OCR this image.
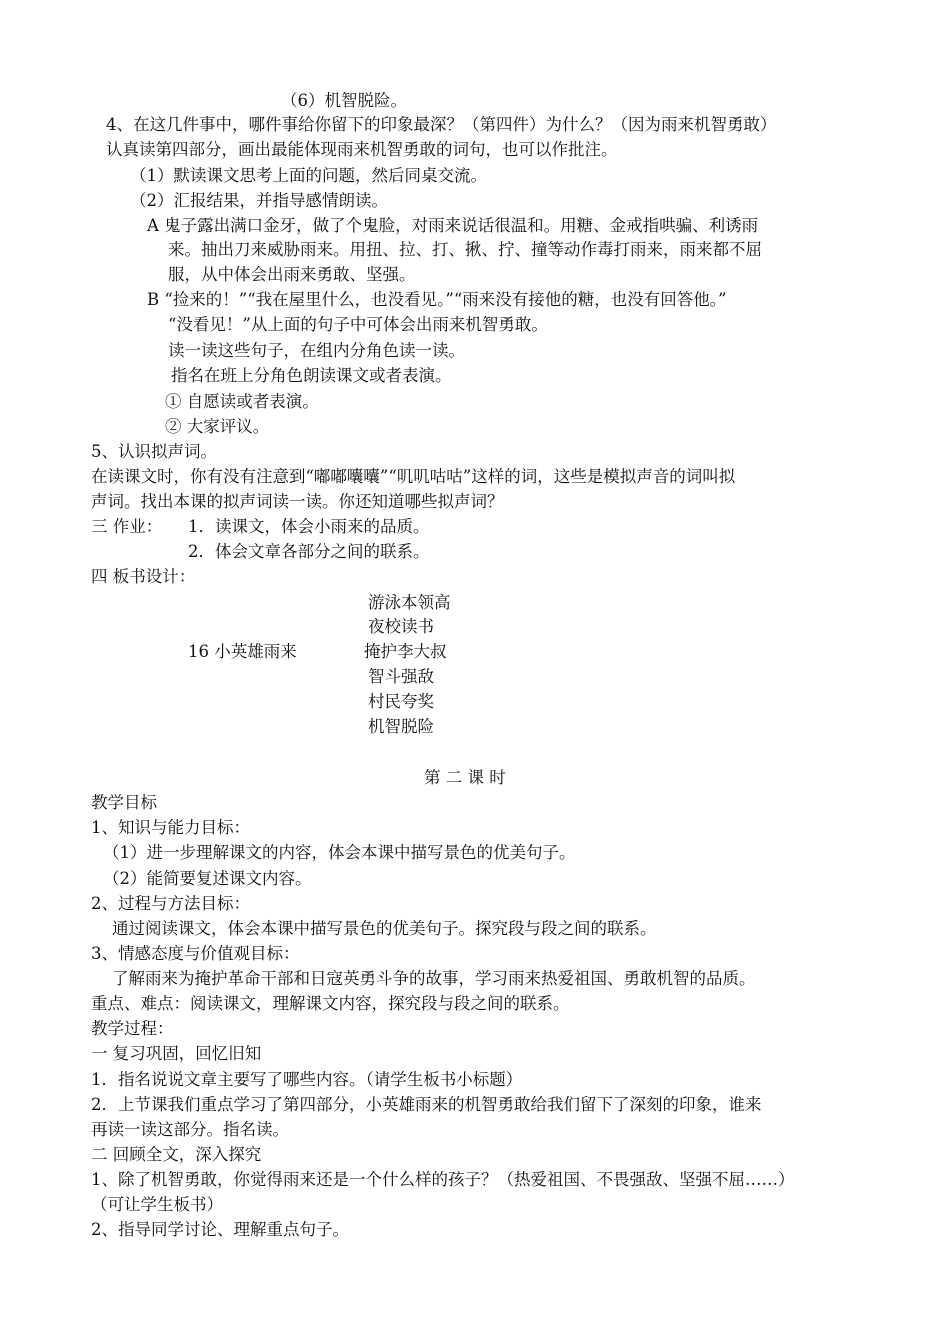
（6）机智脱险。
4、在这几件事中，哪件事给你留下的印象最深？（第四件）为什么？（因为雨来机智勇敢）
认真读第四部分，画出最能体现雨来机智勇敢的词句，也可以作批注。
（1）默读课文思考上面的问题，然后同桌交流。
（2）汇报结果，并指导感情朗读。
A 鬼子露出满口金牙，做了个鬼脸，对雨来说话很温和。用糖、金戒指哄骗、利诱雨
来。抽出刀来威胁雨来。用扭、拉、打、揪、拧、撞等动作毒打雨来，雨来都不屈
服，从中体会出雨来勇敢、坚强。
B “捡来的！”“我在屋里什么，也没看见。”“雨来没有接他的糖，也没有回答他。”
“没看见！”从上面的句子中可体会出雨来机智勇敢。
读一读这些句子，在组内分角色读一读。
指名在班上分角色朗读课文或者表演。
① 自愿读或者表演。
② 大家评议。
5、认识拟声词。
在读课文时，你有没有注意到“嘟嘟囔囔”“叽叽咕咕”这样的词，这些是模拟声音的词叫拟
声词。找出本课的拟声词读一读。你还知道哪些拟声词？
三 作业： 1．读课文，体会小雨来的品质。
2．体会文章各部分之间的联系。
四 板书设计：
游泳本领高
夜校读书
16 小英雄雨来	掩护李大叔
智斗强敌
村民夸奖
机智脱险
第 二 课 时
教学目标
1、知识与能力目标：
（1）进一步理解课文的内容，体会本课中描写景色的优美句子。
（2）能简要复述课文内容。
2、过程与方法目标：
通过阅读课文，体会本课中描写景色的优美句子。探究段与段之间的联系。
3、情感态度与价值观目标：
了解雨来为掩护革命干部和日寇英勇斗争的故事，学习雨来热爱祖国、勇敢机智的品质。
重点、难点：阅读课文，理解课文内容，探究段与段之间的联系。
教学过程：
一 复习巩固，回忆旧知
1．指名说说文章主要写了哪些内容。（请学生板书小标题）
2．上节课我们重点学习了第四部分，小英雄雨来的机智勇敢给我们留下了深刻的印象，谁来
再读一读这部分。指名读。
二 回顾全文，深入探究
1、除了机智勇敢，你觉得雨来还是一个什么样的孩子？（热爱祖国、不畏强敌、坚强不屈……）
（可让学生板书）
2、指导同学讨论、理解重点句子。
